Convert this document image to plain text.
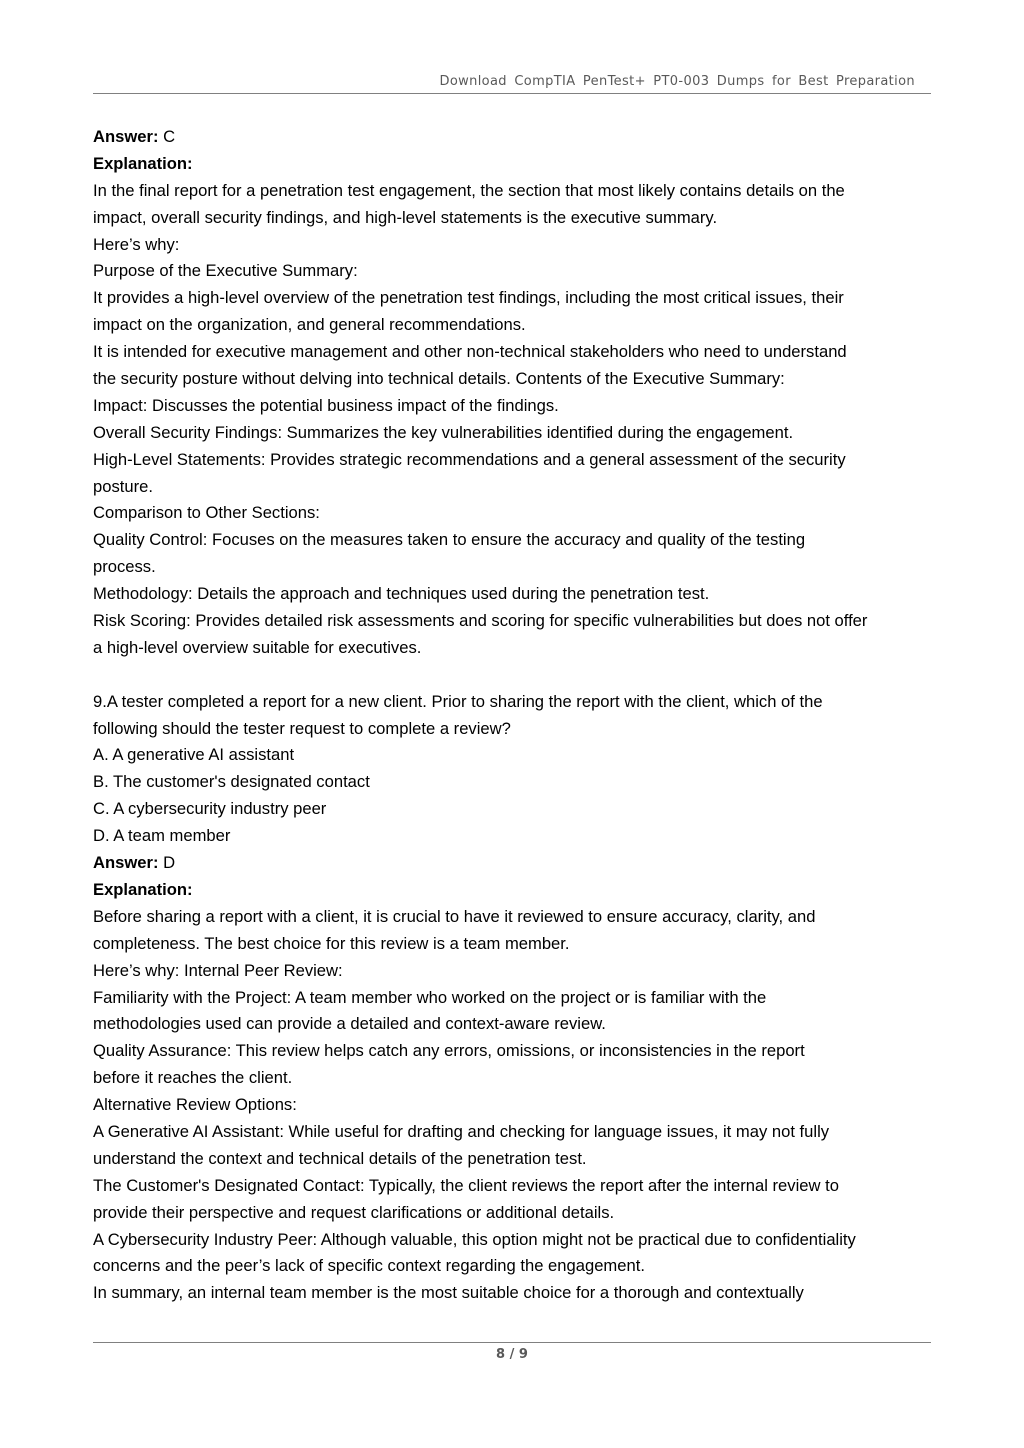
Download CompTIA PenTest+ PT0-003 Dumps for Best Preparation
Answer: C
Explanation:
In the final report for a penetration test engagement, the section that most likely contains details on the
impact, overall security findings, and high-level statements is the executive summary.
Here’s why:
Purpose of the Executive Summary:
It provides a high-level overview of the penetration test findings, including the most critical issues, their
impact on the organization, and general recommendations.
It is intended for executive management and other non-technical stakeholders who need to understand
the security posture without delving into technical details. Contents of the Executive Summary:
Impact: Discusses the potential business impact of the findings.
Overall Security Findings: Summarizes the key vulnerabilities identified during the engagement.
High-Level Statements: Provides strategic recommendations and a general assessment of the security
posture.
Comparison to Other Sections:
Quality Control: Focuses on the measures taken to ensure the accuracy and quality of the testing
process.
Methodology: Details the approach and techniques used during the penetration test.
Risk Scoring: Provides detailed risk assessments and scoring for specific vulnerabilities but does not offer
a high-level overview suitable for executives.
9.A tester completed a report for a new client. Prior to sharing the report with the client, which of the
following should the tester request to complete a review?
A. A generative AI assistant
B. The customer's designated contact
C. A cybersecurity industry peer
D. A team member
Answer: D
Explanation:
Before sharing a report with a client, it is crucial to have it reviewed to ensure accuracy, clarity, and
completeness. The best choice for this review is a team member.
Here’s why: Internal Peer Review:
Familiarity with the Project: A team member who worked on the project or is familiar with the
methodologies used can provide a detailed and context-aware review.
Quality Assurance: This review helps catch any errors, omissions, or inconsistencies in the report
before it reaches the client.
Alternative Review Options:
A Generative AI Assistant: While useful for drafting and checking for language issues, it may not fully
understand the context and technical details of the penetration test.
The Customer's Designated Contact: Typically, the client reviews the report after the internal review to
provide their perspective and request clarifications or additional details.
A Cybersecurity Industry Peer: Although valuable, this option might not be practical due to confidentiality
concerns and the peer’s lack of specific context regarding the engagement.
In summary, an internal team member is the most suitable choice for a thorough and contextually
8 / 9
